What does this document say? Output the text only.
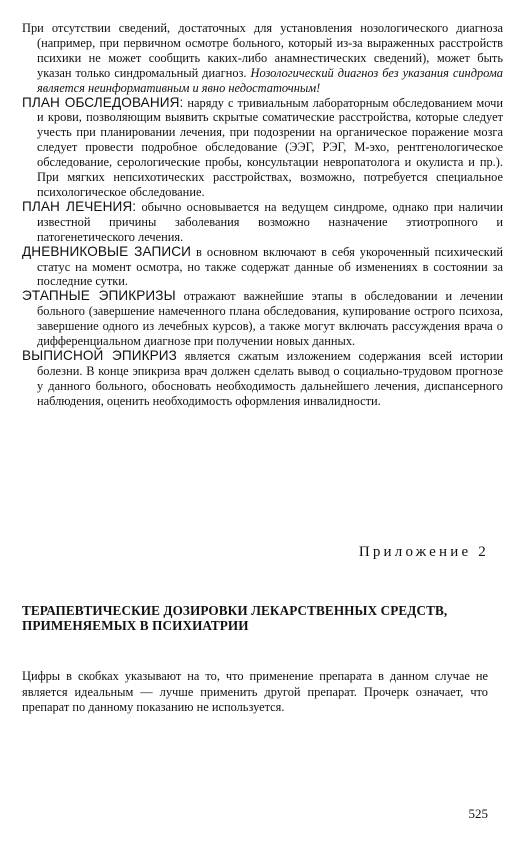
При отсутствии сведений, достаточных для установления нозологического диагноза (например, при первичном осмотре больного, который из-за выраженных расстройств психики не может сообщить каких-либо анамнестических сведений), может быть указан только синдромальный диагноз. Нозологический диагноз без указания синдрома является неинформативным и явно недостаточным!

ПЛАН ОБСЛЕДОВАНИЯ: наряду с тривиальным лабораторным обследованием мочи и крови, позволяющим выявить скрытые соматические расстройства, которые следует учесть при планировании лечения, при подозрении на органическое поражение мозга следует провести подробное обследование (ЭЭГ, РЭГ, М-эхо, рентгенологическое обследование, серологические пробы, консультации невропатолога и окулиста и пр.). При мягких непсихотических расстройствах, возможно, потребуется специальное психологическое обследование.

ПЛАН ЛЕЧЕНИЯ: обычно основывается на ведущем синдроме, однако при наличии известной причины заболевания возможно назначение этиотропного и патогенетического лечения.

ДНЕВНИКОВЫЕ ЗАПИСИ в основном включают в себя укороченный психический статус на момент осмотра, но также содержат данные об изменениях в состоянии за последние сутки.

ЭТАПНЫЕ ЭПИКРИЗЫ отражают важнейшие этапы в обследовании и лечении больного (завершение намеченного плана обследования, купирование острого психоза, завершение одного из лечебных курсов), а также могут включать рассуждения врача о дифференциальном диагнозе при получении новых данных.

ВЫПИСНОЙ ЭПИКРИЗ является сжатым изложением содержания всей истории болезни. В конце эпикриза врач должен сделать вывод о социально-трудовом прогнозе у данного больного, обосновать необходимость дальнейшего лечения, диспансерного наблюдения, оценить необходимость оформления инвалидности.

Приложение 2
ТЕРАПЕВТИЧЕСКИЕ ДОЗИРОВКИ ЛЕКАРСТВЕННЫХ СРЕДСТВ, ПРИМЕНЯЕМЫХ В ПСИХИАТРИИ

Цифры в скобках указывают на то, что применение препарата в данном случае не является идеальным — лучше применить другой препарат. Прочерк означает, что препарат по данному показанию не используется.

525
